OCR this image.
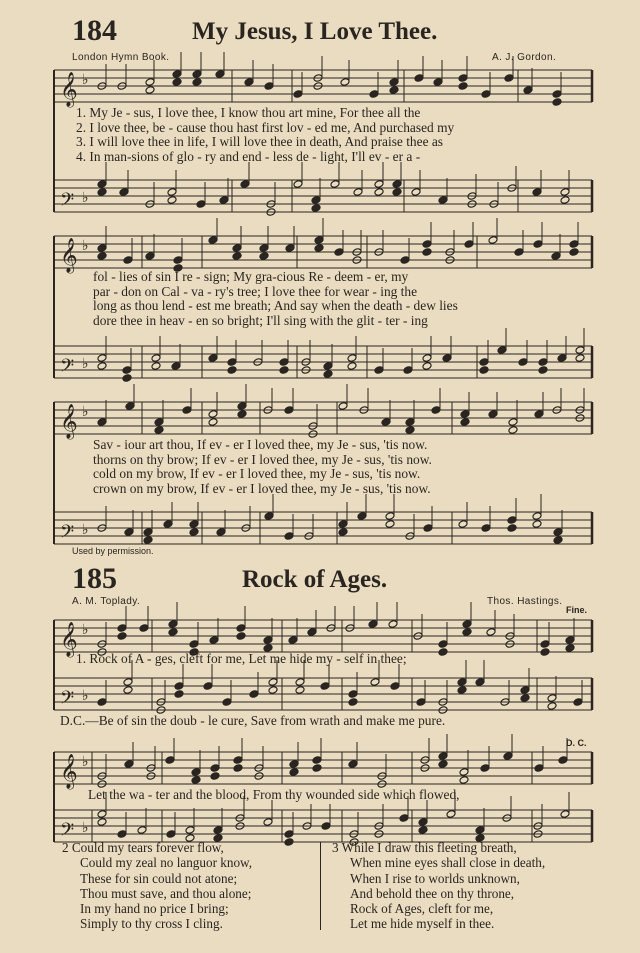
184	My Jesus, I Love Thee.
London Hymn Book.	A. J. Gordon.
𝄞 ♭
𝄢 ♭
1. My Je - sus, I love thee, I know thou art mine, For thee all the
2. I love thee, be - cause thou hast first lov - ed me, And purchased my
3. I will love thee in life, I will love thee in death, And praise thee as
4. In man-sions of glo - ry and end - less de - light, I'll ev - er a -
𝄞 ♭
𝄢 ♭
fol - lies of sin I re - sign; My gra-cious Re - deem - er, my
par - don on Cal - va - ry's tree; I love thee for wear - ing the
long as thou lend - est me breath; And say when the death - dew lies
dore thee in heav - en so bright; I'll sing with the glit - ter - ing
𝄞 ♭
𝄢 ♭
Sav - iour art thou, If ev - er I loved thee, my Je - sus, 'tis now.
thorns on thy brow; If ev - er I loved thee, my Je - sus, 'tis now.
cold on my brow, If ev - er I loved thee, my Je - sus, 'tis now.
crown on my brow, If ev - er I loved thee, my Je - sus, 'tis now.
Used by permission.
185	Rock of Ages.
A. M. Toplady.	Thos. Hastings.
Fine.
𝄞 ♭
𝄢 ♭
1. Rock of A - ges, cleft for me, Let me hide my - self in thee;
D.C.—Be of sin the doub - le cure, Save from wrath and make me pure.
D. C.
𝄞 ♭
𝄢 ♭
Let the wa - ter and the blood, From thy wounded side which flowed,
2 Could my tears forever flow,
Could my zeal no languor know,
These for sin could not atone;
Thou must save, and thou alone;
In my hand no price I bring;
Simply to thy cross I cling.
3 While I draw this fleeting breath,
When mine eyes shall close in death,
When I rise to worlds unknown,
And behold thee on thy throne,
Rock of Ages, cleft for me,
Let me hide myself in thee.
